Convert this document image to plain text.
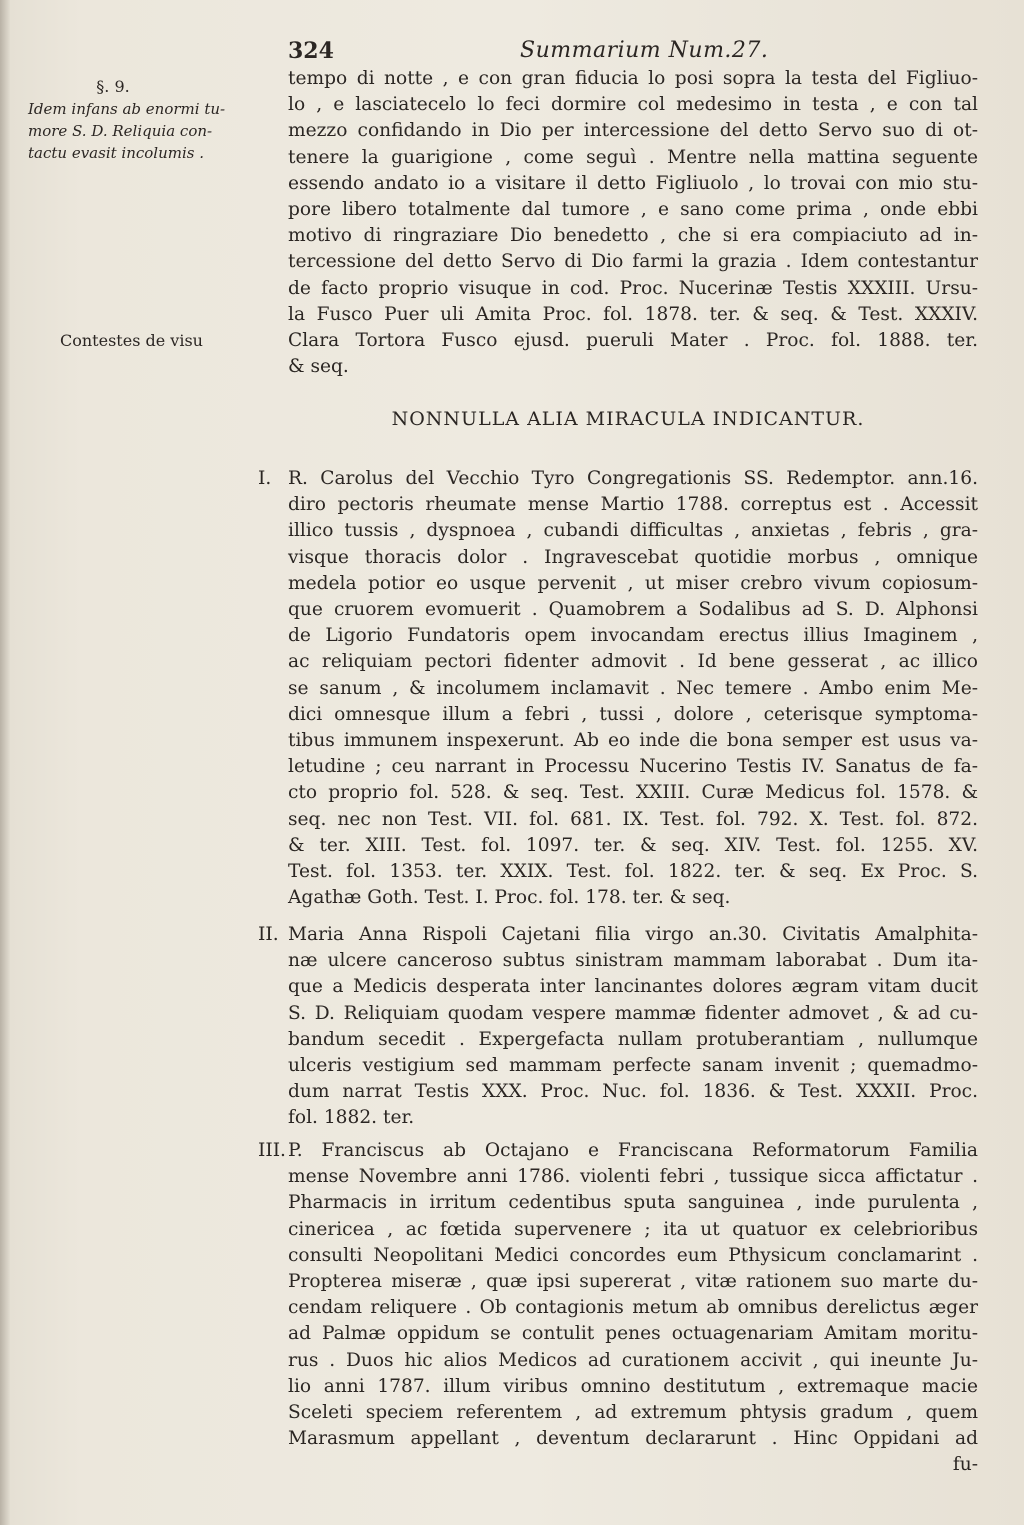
324	Summarium Num.27.
§. 9.
Idem infans ab enormi tu-
more S. D. Reliquia con-
tactu evasit incolumis .
Contestes de visu
tempo di notte , e con gran fiducia lo posi sopra la testa del Figliuo-
lo , e lasciatecelo lo feci dormire col medesimo in testa , e con tal
mezzo confidando in Dio per intercessione del detto Servo suo di ot-
tenere la guarigione , come seguì . Mentre nella mattina seguente
essendo andato io a visitare il detto Figliuolo , lo trovai con mio stu-
pore libero totalmente dal tumore , e sano come prima , onde ebbi
motivo di ringraziare Dio benedetto , che si era compiaciuto ad in-
tercessione del detto Servo di Dio farmi la grazia . Idem contestantur
de facto proprio visuque in cod. Proc. Nucerinæ Testis XXXIII. Ursu-
la Fusco Puer uli Amita Proc. fol. 1878. ter. & seq. & Test. XXXIV.
Clara Tortora Fusco ejusd. pueruli Mater . Proc. fol. 1888. ter.
& seq.
NONNULLA ALIA MIRACULA INDICANTUR.
I. R. Carolus del Vecchio Tyro Congregationis SS. Redemptor. ann.16.
diro pectoris rheumate mense Martio 1788. correptus est . Accessit
illico tussis , dyspnoea , cubandi difficultas , anxietas , febris , gra-
visque thoracis dolor . Ingravescebat quotidie morbus , omnique
medela potior eo usque pervenit , ut miser crebro vivum copiosum-
que cruorem evomuerit . Quamobrem a Sodalibus ad S. D. Alphonsi
de Ligorio Fundatoris opem invocandam erectus illius Imaginem ,
ac reliquiam pectori fidenter admovit . Id bene gesserat , ac illico
se sanum , & incolumem inclamavit . Nec temere . Ambo enim Me-
dici omnesque illum a febri , tussi , dolore , ceterisque symptoma-
tibus immunem inspexerunt. Ab eo inde die bona semper est usus va-
letudine ; ceu narrant in Processu Nucerino Testis IV. Sanatus de fa-
cto proprio fol. 528. & seq. Test. XXIII. Curæ Medicus fol. 1578. &
seq. nec non Test. VII. fol. 681. IX. Test. fol. 792. X. Test. fol. 872.
& ter. XIII. Test. fol. 1097. ter. & seq. XIV. Test. fol. 1255. XV.
Test. fol. 1353. ter. XXIX. Test. fol. 1822. ter. & seq. Ex Proc. S.
Agathæ Goth. Test. I. Proc. fol. 178. ter. & seq.
II. Maria Anna Rispoli Cajetani filia virgo an.30. Civitatis Amalphita-
næ ulcere canceroso subtus sinistram mammam laborabat . Dum ita-
que a Medicis desperata inter lancinantes dolores ægram vitam ducit
S. D. Reliquiam quodam vespere mammæ fidenter admovet , & ad cu-
bandum secedit . Expergefacta nullam protuberantiam , nullumque
ulceris vestigium sed mammam perfecte sanam invenit ; quemadmo-
dum narrat Testis XXX. Proc. Nuc. fol. 1836. & Test. XXXII. Proc.
fol. 1882. ter.
III. P. Franciscus ab Octajano e Franciscana Reformatorum Familia
mense Novembre anni 1786. violenti febri , tussique sicca affictatur .
Pharmacis in irritum cedentibus sputa sanguinea , inde purulenta ,
cinericea , ac fœtida supervenere ; ita ut quatuor ex celebrioribus
consulti Neopolitani Medici concordes eum Pthysicum conclamarint .
Propterea miseræ , quæ ipsi supererat , vitæ rationem suo marte du-
cendam reliquere . Ob contagionis metum ab omnibus derelictus æger
ad Palmæ oppidum se contulit penes octuagenariam Amitam moritu-
rus . Duos hic alios Medicos ad curationem accivit , qui ineunte Ju-
lio anni 1787. illum viribus omnino destitutum , extremaque macie
Sceleti speciem referentem , ad extremum phtysis gradum , quem
Marasmum appellant , deventum declararunt . Hinc Oppidani ad
fu-
